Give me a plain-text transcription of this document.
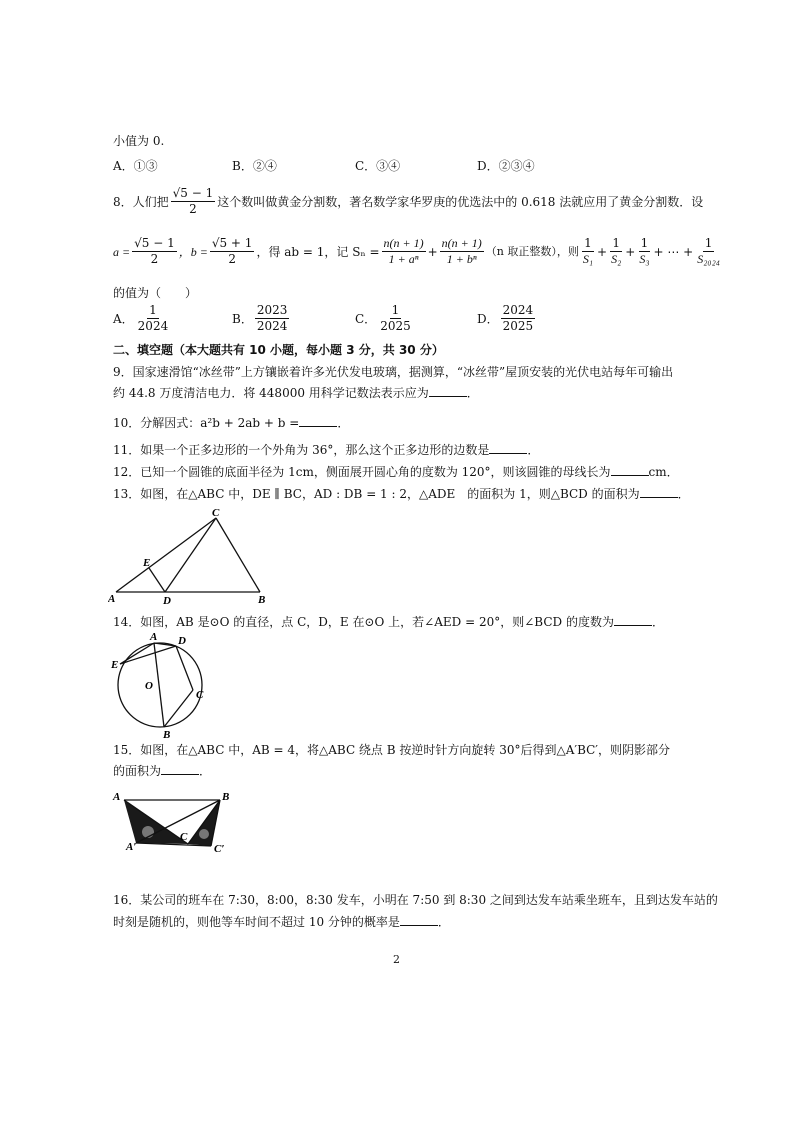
小值为 0.
A．①③	B．②④	C．③④	D．②③④
8．人们把 $\frac{√5 - 1}{2}$ 这个数叫做黄金分割数，著名数学家华罗庚的优选法中的 0.618 法就应用了黄金分割数．设
$a = \frac{√5 - 1}{2}$ ，$b = \frac{√5 + 1}{2}$ ，得 ab = 1，记 $S_n = \frac{n(n + 1)}{\text{1 + aⁿ}} + \frac{n(n + 1)}{\text{1 + bⁿ}} (n$ 取正整数），则 $\frac{1}{\text{S₁}} + \frac{1}{\text{S₂}} + \frac{1}{\text{S₃}}$ + ⋯ + $\frac{1}{\text{S₂₀₂₄}}$
的值为（　　）
A． $\frac{1}{2024}$	B． $\frac{2023}{2024}$	C． $\frac{1}{2025}$	D． $\frac{2024}{2025}$
二、填空题（本大题共有 10 小题，每小题 3 分，共 30 分）
9．国家速滑馆“冰丝带”上方镶嵌着许多光伏发电玻璃，据测算，“冰丝带”屋顶安装的光伏电站每年可输出
约 44.8 万度清洁电力．将 448000 用科学记数法表示应为	．
10．分解因式：a²b + 2ab + b =	．
11．如果一个正多边形的一个外角为 36°，那么这个正多边形的边数是	．
12．已知一个圆锥的底面半径为 1cm，侧面展开圆心角的度数为 120°，则该圆锥的母线长为	cm．
13．如图，在△ABC 中，DE ∥ BC，AD : DB = 1 : 2，△ADE　的面积为 1，则△BCD 的面积为	．
A
C
E
D	B
14．如图，AB 是⊙O 的直径，点 C，D，E 在⊙O 上，若∠AED = 20°，则∠BCD 的度数为	．
A D
E
O
C
B
15．如图，在△ABC 中，AB = 4，将△ABC 绕点 B 按逆时针方向旋转 30°后得到△A′BC′，则阴影部分
的面积为	．
A	B
C
A′	C′
16．某公司的班车在 7:30，8:00，8:30 发车，小明在 7:50 到 8:30 之间到达发车站乘坐班车，且到达发车站的
时刻是随机的，则他等车时间不超过 10 分钟的概率是	．
2
